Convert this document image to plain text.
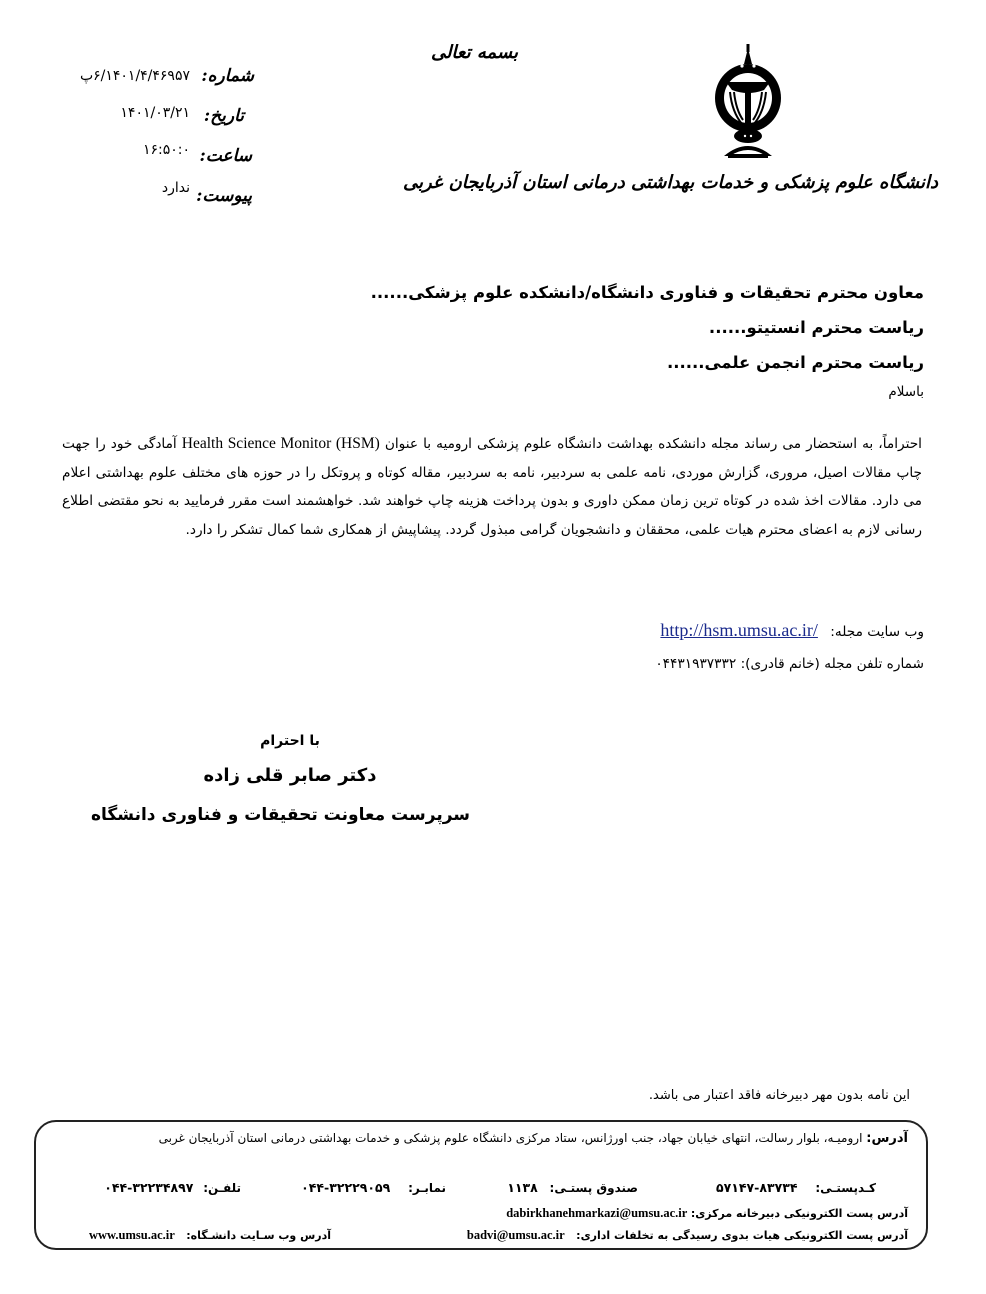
بسمه تعالی
شماره:
۶/۱۴۰۱/۴/۴۶۹۵۷پ
تاریخ:
۱۴۰۱/۰۳/۲۱
ساعت:
۱۶:۵۰:۰
پیوست:
ندارد	دانشگاه علوم پزشکی و خدمات بهداشتی درمانی استان آذربایجان غربی
معاون محترم تحقیقات و فناوری دانشگاه/دانشکده علوم پزشکی......
ریاست محترم انستیتو......
ریاست محترم انجمن علمی......
باسلام
احتراماً، به استحضار می رساند مجله دانشکده بهداشت دانشگاه علوم پزشکی ارومیه با عنوان Health Science Monitor (HSM) آمادگی خود را جهت چاپ مقالات اصیل، مروری، گزارش موردی، نامه علمی به سردبیر، نامه به سردبیر، مقاله کوتاه و پروتکل را در حوزه های مختلف علوم بهداشتی اعلام می دارد. مقالات اخذ شده در کوتاه ترین زمان ممکن داوری و بدون پرداخت هزینه چاپ خواهند شد. خواهشمند است مقرر فرمایید به نحو مقتضی اطلاع رسانی لازم به اعضای محترم هیات علمی، محققان و دانشجویان گرامی مبذول گردد. پیشاپیش از همکاری شما کمال تشکر را دارد.
وب سایت مجله: http://hsm.umsu.ac.ir/
شماره تلفن مجله (خانم قادری): ۰۴۴۳۱۹۳۷۳۳۲
با احترام
دکتر صابر قلی زاده
سرپرست معاونت تحقیقات و فناوری دانشگاه
این نامه بدون مهر دبیرخانه فاقد اعتبار می باشد.
آدرس: ارومیـه، بلوار رسالت، انتهای خیابان جهاد، جنب اورژانس، ستاد مرکزی دانشگاه علوم پزشکی و خدمات بهداشتی درمانی استان آذربایجان غربی
کـدپستـی: ۸۳۷۳۴-۵۷۱۴۷
صندوق پستـی: ۱۱۳۸
نمابـر: ۳۲۲۲۹۰۵۹-۰۴۴
تلفـن: ۳۲۲۳۴۸۹۷-۰۴۴
آدرس پست الکترونیکی دبیرخانه مرکزی: dabirkhanehmarkazi@umsu.ac.ir
آدرس پست الکترونیکی هیات بدوی رسیدگی به تخلفات اداری: badvi@umsu.ac.ir
آدرس وب سـایت دانشـگاه: www.umsu.ac.ir
